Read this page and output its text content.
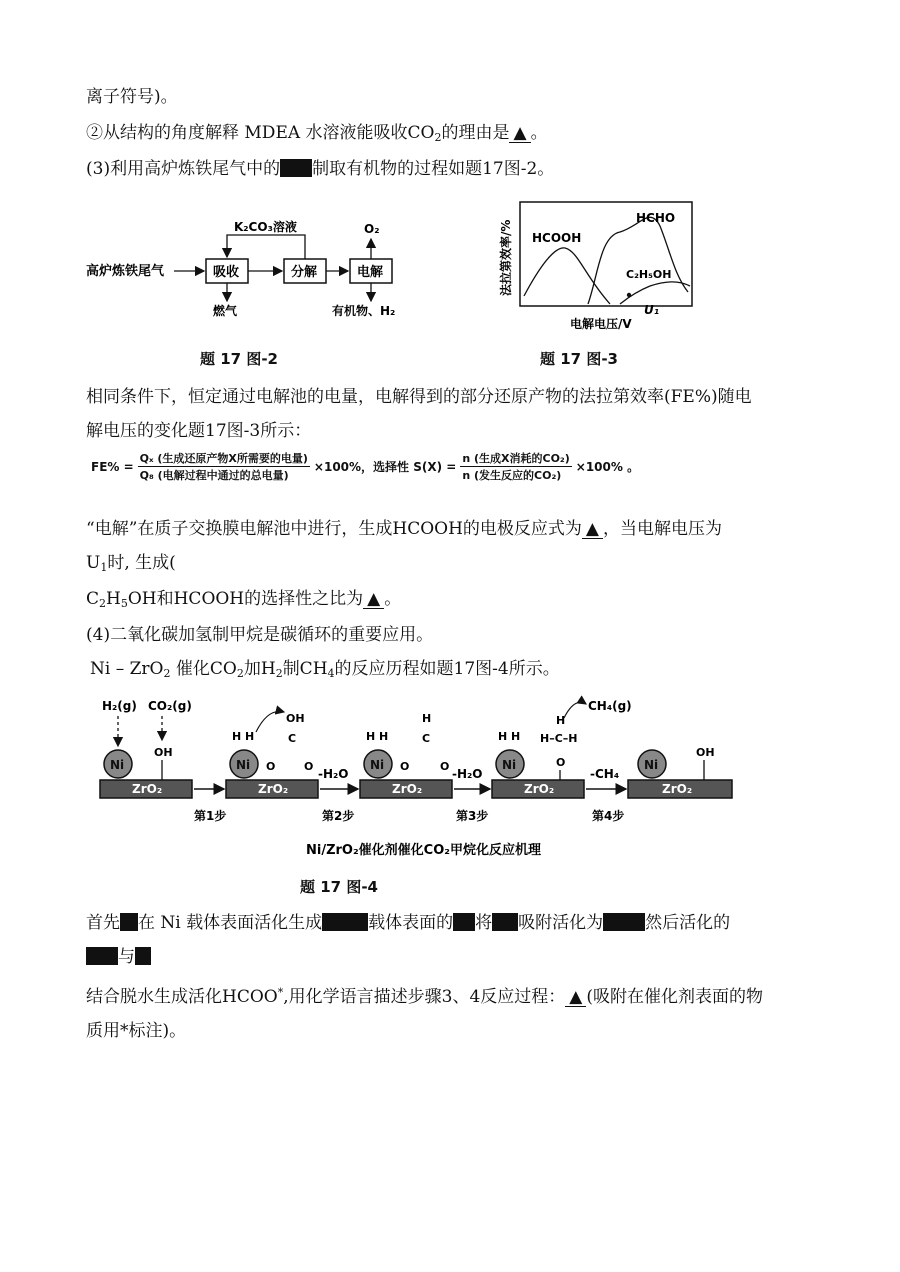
离子符号)。
②从结构的角度解释 MDEA 水溶液能吸收$CO_2$的理由是 ▲ 。
(3)利用高炉炼铁尾气中的 制取有机物的过程如题17图-2。
高炉炼铁尾气	吸收	分解	电解
K₂CO₃溶液	O₂
燃气	有机物、H₂
题 17 图-2
法拉第效率/% HCOOH
HCHO
C₂H₅OH
U₁
电解电压/V
题 17 图-3
相同条件下，恒定通过电解池的电量，电解得到的部分还原产物的法拉第效率(FE%)随电
解电压的变化题17图-3所示：
FE% =	Qₓ (生成还原产物X所需要的电量)	×100%，选择性 S(X) =	n (生成X消耗的CO₂)	×100% 。
	Q₈ (电解过程中通过的总电量)		n (发生反应的CO₂)	
“电解”在质子交换膜电解池中进行，生成HCOOH的电极反应式为 ▲ ，当电解电压为
$U_1$时, 生成(
$C_2H_5OH$和HCOOH的选择性之比为 ▲ 。
(4)二氧化碳加氢制甲烷是碳循环的重要应用。
Ni – ZrO$_2$ 催化$CO_2$加$H_2$制$CH_4$的反应历程如题17图-4所示。
ZrO₂	ZrO₂	ZrO₂	ZrO₂	ZrO₂
Ni	Ni	Ni	Ni	Ni
H₂(g) CO₂(g)
OH
第1步
H H
OH
C
O	O
-H₂O
第2步
H H
H
C
O	O
-H₂O
第3步
H H
H
H–C–H
O
CH₄(g)
-CH₄
第4步
OH
Ni/ZrO₂催化剂催化CO₂甲烷化反应机理
题 17 图-4
首先 在 Ni 载体表面活化生成	载体表面的 将 吸附活化为 然后活化的
与
结合脱水生成活化HCOO*,用化学语言描述步骤3、4反应过程： ▲ (吸附在催化剂表面的物
质用*标注)。
